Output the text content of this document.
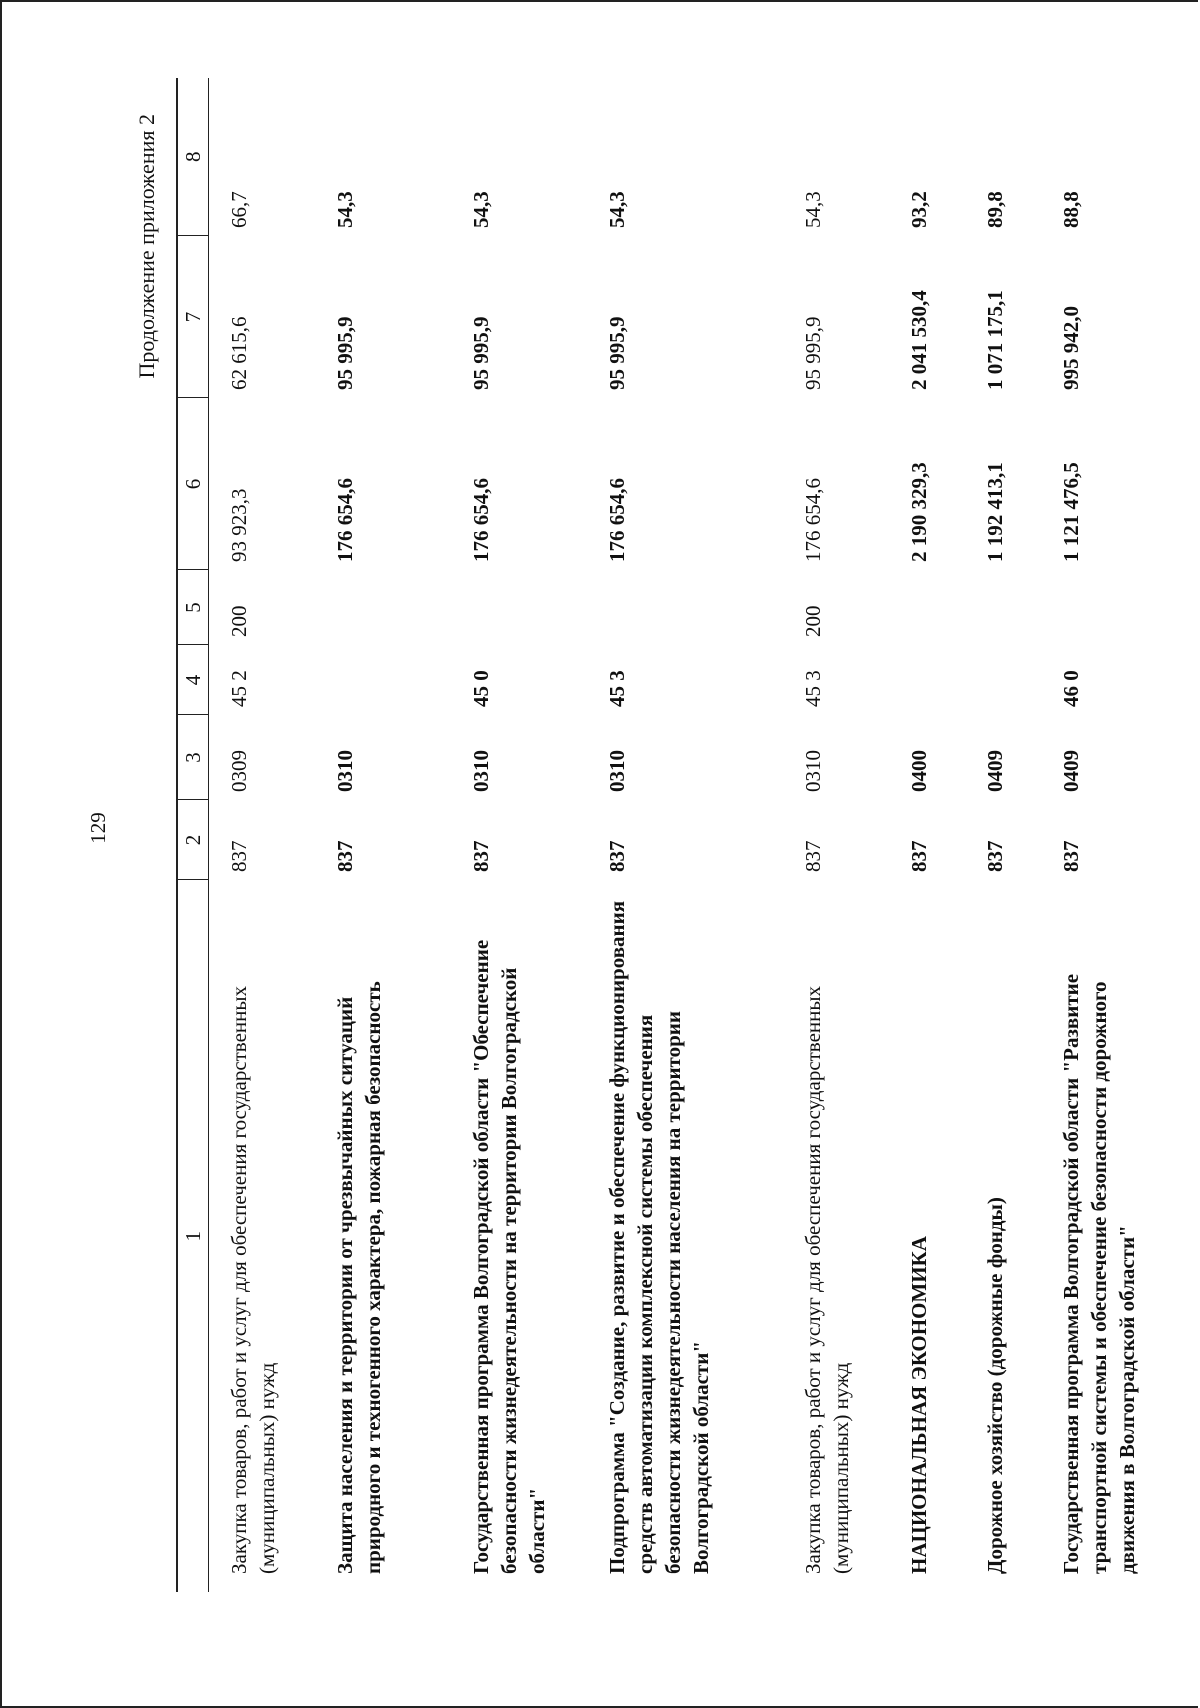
129
Продолжение приложения 2
1	2	3	4	5	6	7	8
Закупка товаров, работ и услуг для обеспечения государственных (муниципальных) нужд	837	0309	45 2	200	93 923,3	62 615,6	66,7
Защита населения и территории от чрезвычайных ситуаций природного и техногенного характера, пожарная безопасность	837	0310			176 654,6	95 995,9	54,3
Государственная программа Волгоградской области "Обеспечение безопасности жизнедеятельности на территории Волгоградской области"	837	0310	45 0		176 654,6	95 995,9	54,3
Подпрограмма "Создание, развитие и обеспечение функционирования средств автоматизации комплексной системы обеспечения безопасности жизнедеятельности населения на территории Волгоградской области"	837	0310	45 3		176 654,6	95 995,9	54,3
Закупка товаров, работ и услуг для обеспечения государственных (муниципальных) нужд	837	0310	45 3	200	176 654,6	95 995,9	54,3
НАЦИОНАЛЬНАЯ ЭКОНОМИКА	837	0400			2 190 329,3	2 041 530,4	93,2
Дорожное хозяйство (дорожные фонды)	837	0409			1 192 413,1	1 071 175,1	89,8
Государственная программа Волгоградской области "Развитие транспортной системы и обеспечение безопасности дорожного движения в Волгоградской области"	837	0409	46 0		1 121 476,5	995 942,0	88,8
